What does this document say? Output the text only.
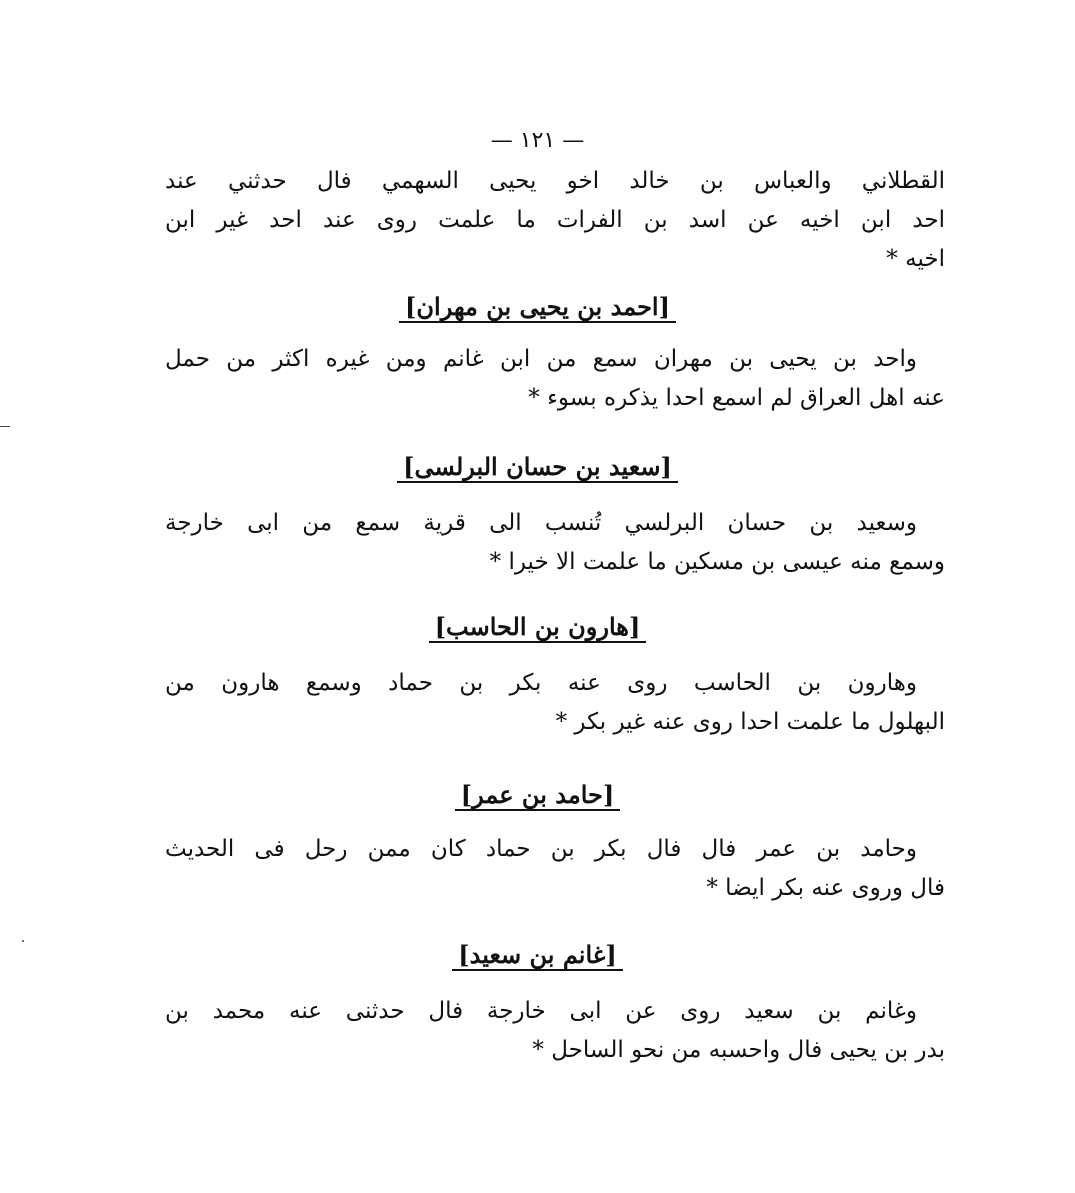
— ١٢١ —
القطلاني والعباس بن خالد اخو يحيى السهمي فال حدثني عند
احد ابن اخيه عن اسد بن الفرات ما علمت روى عند احد غير ابن
اخيه *
[احمد بن يحيى بن مهران]
واحد بن يحيى بن مهران سمع من ابن غانم ومن غيره اكثر من حمل
عنه اهل العراق لم اسمع احدا يذكره بسوء *
[سعيد بن حسان البرلسى]
وسعيد بن حسان البرلسي تُنسب الى قرية سمع من ابى خارجة
وسمع منه عيسى بن مسكين ما علمت الا خيرا *
[هارون بن الحاسب]
وهارون بن الحاسب روى عنه بكر بن حماد وسمع هارون من
البهلول ما علمت احدا روى عنه غير بكر *
[حامد بن عمر]
وحامد بن عمر فال فال بكر بن حماد كان ممن رحل فى الحديث
فال وروى عنه بكر ايضا *
[غانم بن سعيد]
وغانم بن سعيد روى عن ابى خارجة فال حدثنى عنه محمد بن
بدر بن يحيى فال واحسبه من نحو الساحل *
